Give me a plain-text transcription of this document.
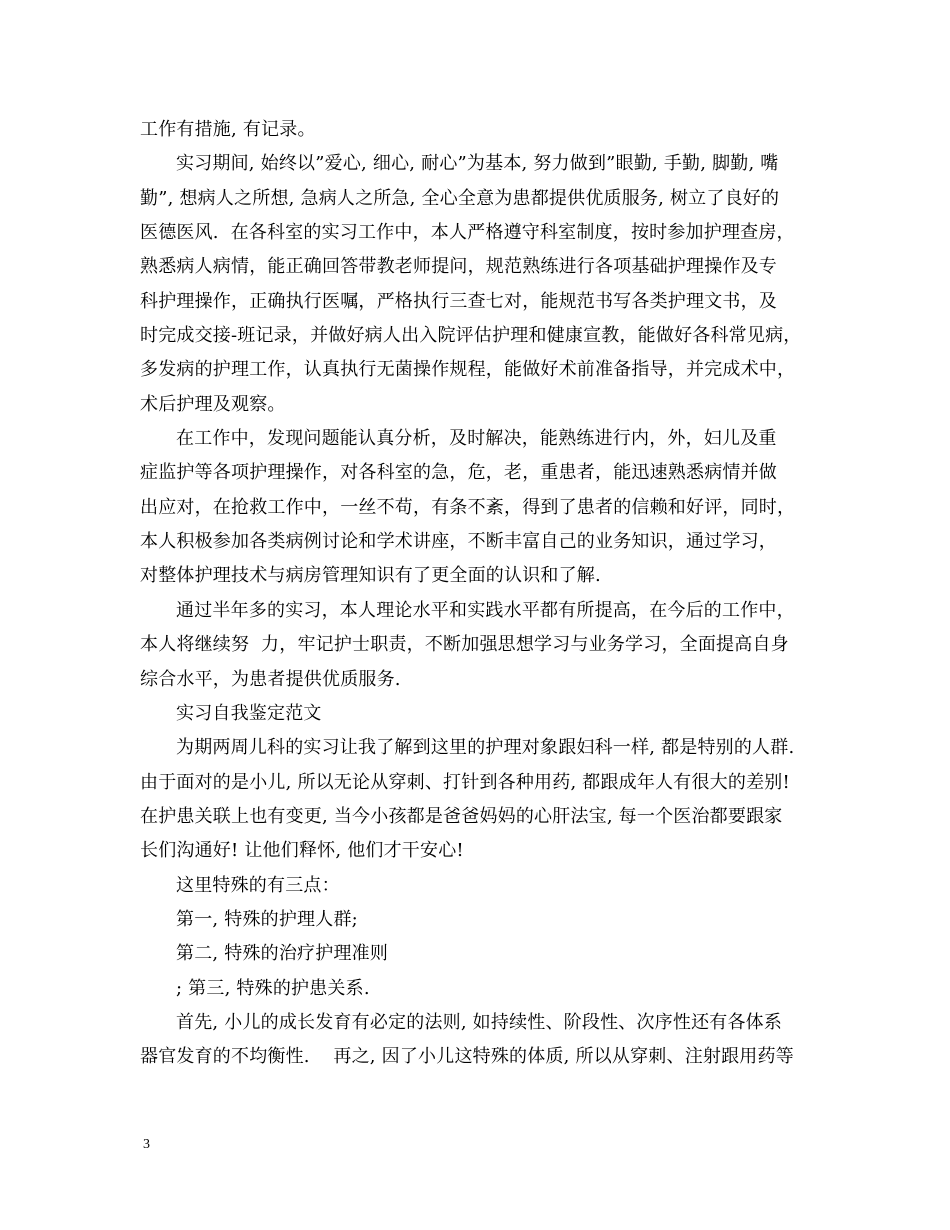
工作有措施, 有记录。
实习期间, 始终以”爱心, 细心, 耐心”为基本, 努力做到”眼勤, 手勤, 脚勤, 嘴
勤”, 想病人之所想, 急病人之所急, 全心全意为患都提供优质服务, 树立了良好的
医德医风.  在各科室的实习工作中，本人严格遵守科室制度，按时参加护理查房，
熟悉病人病情，能正确回答带教老师提问，规范熟练进行各项基础护理操作及专
科护理操作，正确执行医嘱，严格执行三查七对，能规范书写各类护理文书，及
时完成交接-班记录，并做好病人出入院评估护理和健康宣教，能做好各科常见病，
多发病的护理工作，认真执行无菌操作规程，能做好术前准备指导，并完成术中，
术后护理及观察。
在工作中，发现问题能认真分析，及时解决，能熟练进行内，外，妇儿及重
症监护等各项护理操作，对各科室的急，危，老，重患者，能迅速熟悉病情并做
出应对，在抢救工作中，一丝不苟，有条不紊，得到了患者的信赖和好评，同时，
本人积极参加各类病例讨论和学术讲座，不断丰富自己的业务知识，通过学习，
对整体护理技术与病房管理知识有了更全面的认识和了解.
通过半年多的实习，本人理论水平和实践水平都有所提高，在今后的工作中，
本人将继续努  力，牢记护士职责，不断加强思想学习与业务学习，全面提高自身
综合水平，为患者提供优质服务.
实习自我鉴定范文
为期两周儿科的实习让我了解到这里的护理对象跟妇科一样, 都是特别的人群.
由于面对的是小儿, 所以无论从穿刺、打针到各种用药, 都跟成年人有很大的差别!
在护患关联上也有变更, 当今小孩都是爸爸妈妈的心肝法宝, 每一个医治都要跟家
长们沟通好! 让他们释怀, 他们才干安心!
这里特殊的有三点：
第一, 特殊的护理人群;
第二, 特殊的治疗护理准则
; 第三, 特殊的护患关系.
首先, 小儿的成长发育有必定的法则, 如持续性、阶段性、次序性还有各体系
器官发育的不均衡性.    再之, 因了小儿这特殊的体质, 所以从穿刺、注射跟用药等
3
